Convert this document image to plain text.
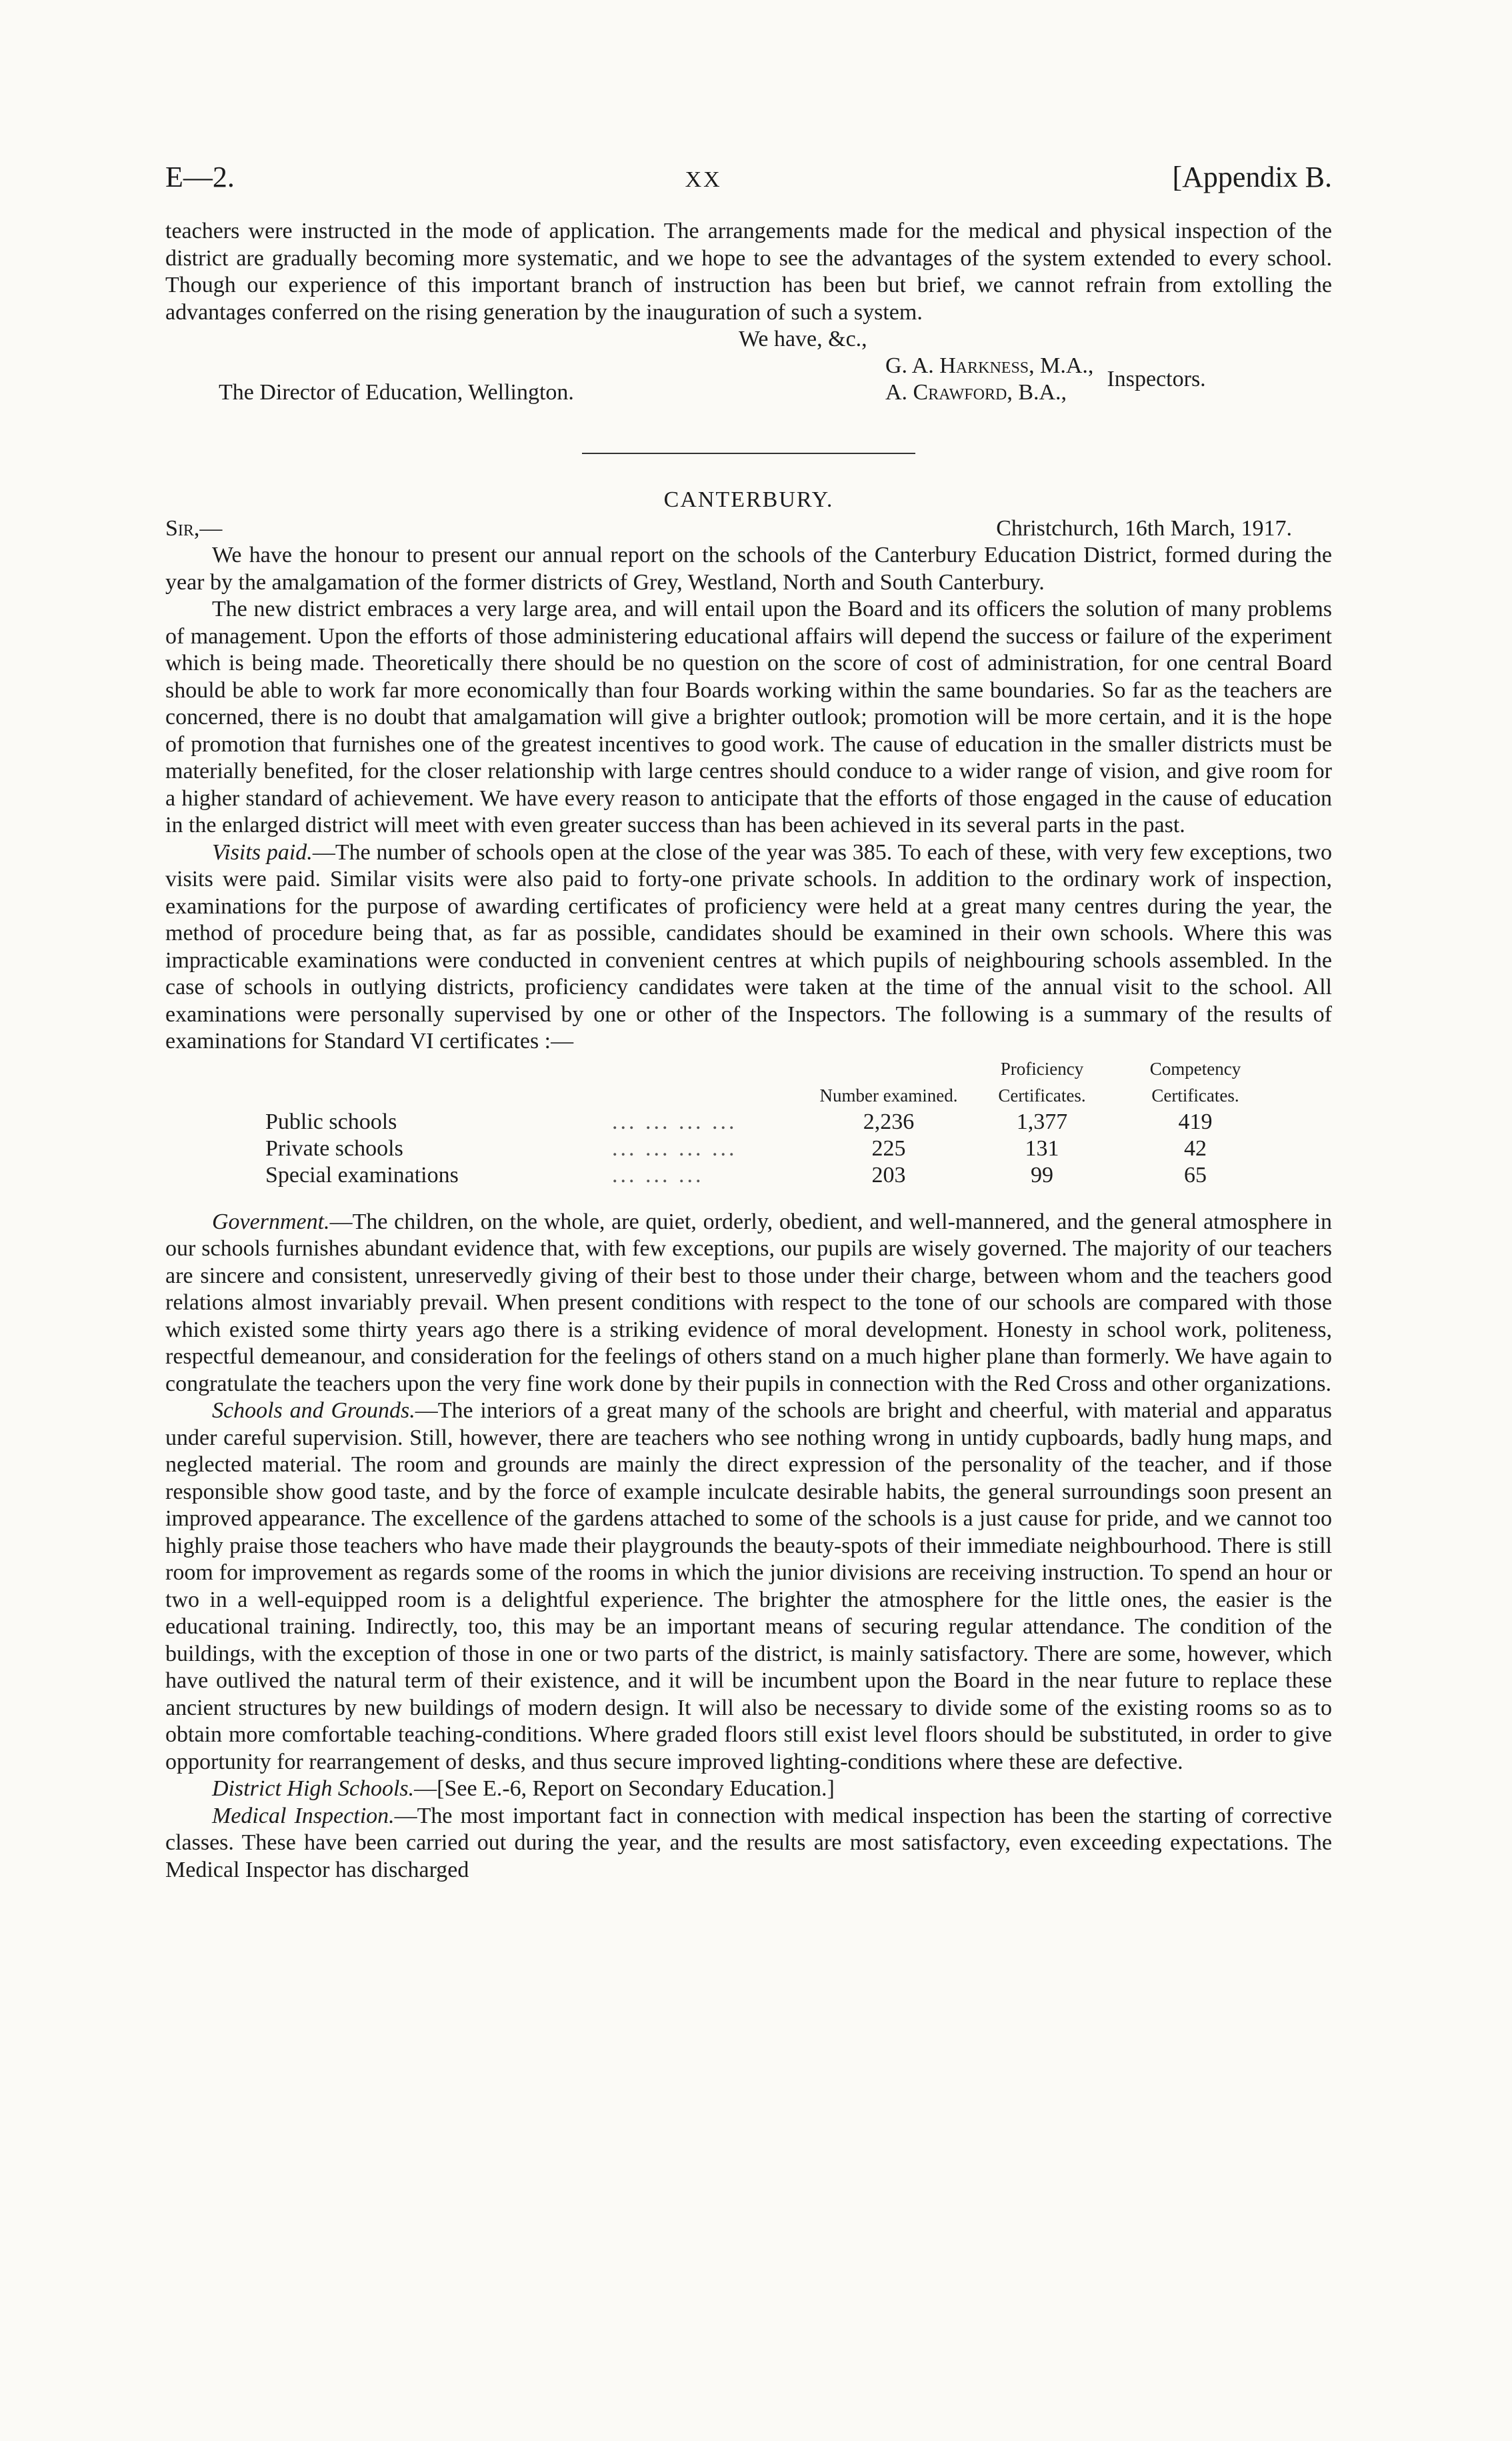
E—2.	XX	[Appendix B.

teachers were instructed in the mode of application. The arrangements made for the medical and physical inspection of the district are gradually becoming more systematic, and we hope to see the advantages of the system extended to every school. Though our experience of this important branch of instruction has been but brief, we cannot refrain from extolling the advantages conferred on the rising generation by the inauguration of such a system.

We have, &c.,
The Director of Education, Wellington.
G. A. Harkness, M.A.,
A. Crawford, B.A.,
Inspectors.
CANTERBURY.
Sir,—	Christchurch, 16th March, 1917.

We have the honour to present our annual report on the schools of the Canterbury Education District, formed during the year by the amalgamation of the former districts of Grey, Westland, North and South Canterbury.

The new district embraces a very large area, and will entail upon the Board and its officers the solution of many problems of management. Upon the efforts of those administering educational affairs will depend the success or failure of the experiment which is being made. Theoretically there should be no question on the score of cost of administration, for one central Board should be able to work far more economically than four Boards working within the same boundaries. So far as the teachers are concerned, there is no doubt that amalgamation will give a brighter outlook; promotion will be more certain, and it is the hope of promotion that furnishes one of the greatest incentives to good work. The cause of education in the smaller districts must be materially benefited, for the closer relationship with large centres should conduce to a wider range of vision, and give room for a higher standard of achievement. We have every reason to anticipate that the efforts of those engaged in the cause of education in the enlarged district will meet with even greater success than has been achieved in its several parts in the past.

Visits paid.—The number of schools open at the close of the year was 385. To each of these, with very few exceptions, two visits were paid. Similar visits were also paid to forty-one private schools. In addition to the ordinary work of inspection, examinations for the purpose of awarding certificates of proficiency were held at a great many centres during the year, the method of procedure being that, as far as possible, candidates should be examined in their own schools. Where this was impracticable examinations were conducted in convenient centres at which pupils of neighbouring schools assembled. In the case of schools in outlying districts, proficiency candidates were taken at the time of the annual visit to the school. All examinations were personally supervised by one or other of the Inspectors. The following is a summary of the results of examinations for Standard VI certificates :—

		Number examined.	Proficiency Certificates.	Competency Certificates.
Public schools	... ... ... ...	2,236	1,377	419
Private schools	... ... ... ...	225	131	42
Special examinations	... ... ...	203	99	65

Government.—The children, on the whole, are quiet, orderly, obedient, and well-mannered, and the general atmosphere in our schools furnishes abundant evidence that, with few exceptions, our pupils are wisely governed. The majority of our teachers are sincere and consistent, unreservedly giving of their best to those under their charge, between whom and the teachers good relations almost invariably prevail. When present conditions with respect to the tone of our schools are compared with those which existed some thirty years ago there is a striking evidence of moral development. Honesty in school work, politeness, respectful demeanour, and consideration for the feelings of others stand on a much higher plane than formerly. We have again to congratulate the teachers upon the very fine work done by their pupils in connection with the Red Cross and other organizations.

Schools and Grounds.—The interiors of a great many of the schools are bright and cheerful, with material and apparatus under careful supervision. Still, however, there are teachers who see nothing wrong in untidy cupboards, badly hung maps, and neglected material. The room and grounds are mainly the direct expression of the personality of the teacher, and if those responsible show good taste, and by the force of example inculcate desirable habits, the general surroundings soon present an improved appearance. The excellence of the gardens attached to some of the schools is a just cause for pride, and we cannot too highly praise those teachers who have made their playgrounds the beauty-spots of their immediate neighbourhood. There is still room for improvement as regards some of the rooms in which the junior divisions are receiving instruction. To spend an hour or two in a well-equipped room is a delightful experience. The brighter the atmosphere for the little ones, the easier is the educational training. Indirectly, too, this may be an important means of securing regular attendance. The condition of the buildings, with the exception of those in one or two parts of the district, is mainly satisfactory. There are some, however, which have outlived the natural term of their existence, and it will be incumbent upon the Board in the near future to replace these ancient structures by new buildings of modern design. It will also be necessary to divide some of the existing rooms so as to obtain more comfortable teaching-conditions. Where graded floors still exist level floors should be substituted, in order to give opportunity for rearrangement of desks, and thus secure improved lighting-conditions where these are defective.

District High Schools.—[See E.-6, Report on Secondary Education.]

Medical Inspection.—The most important fact in connection with medical inspection has been the starting of corrective classes. These have been carried out during the year, and the results are most satisfactory, even exceeding expectations. The Medical Inspector has discharged
